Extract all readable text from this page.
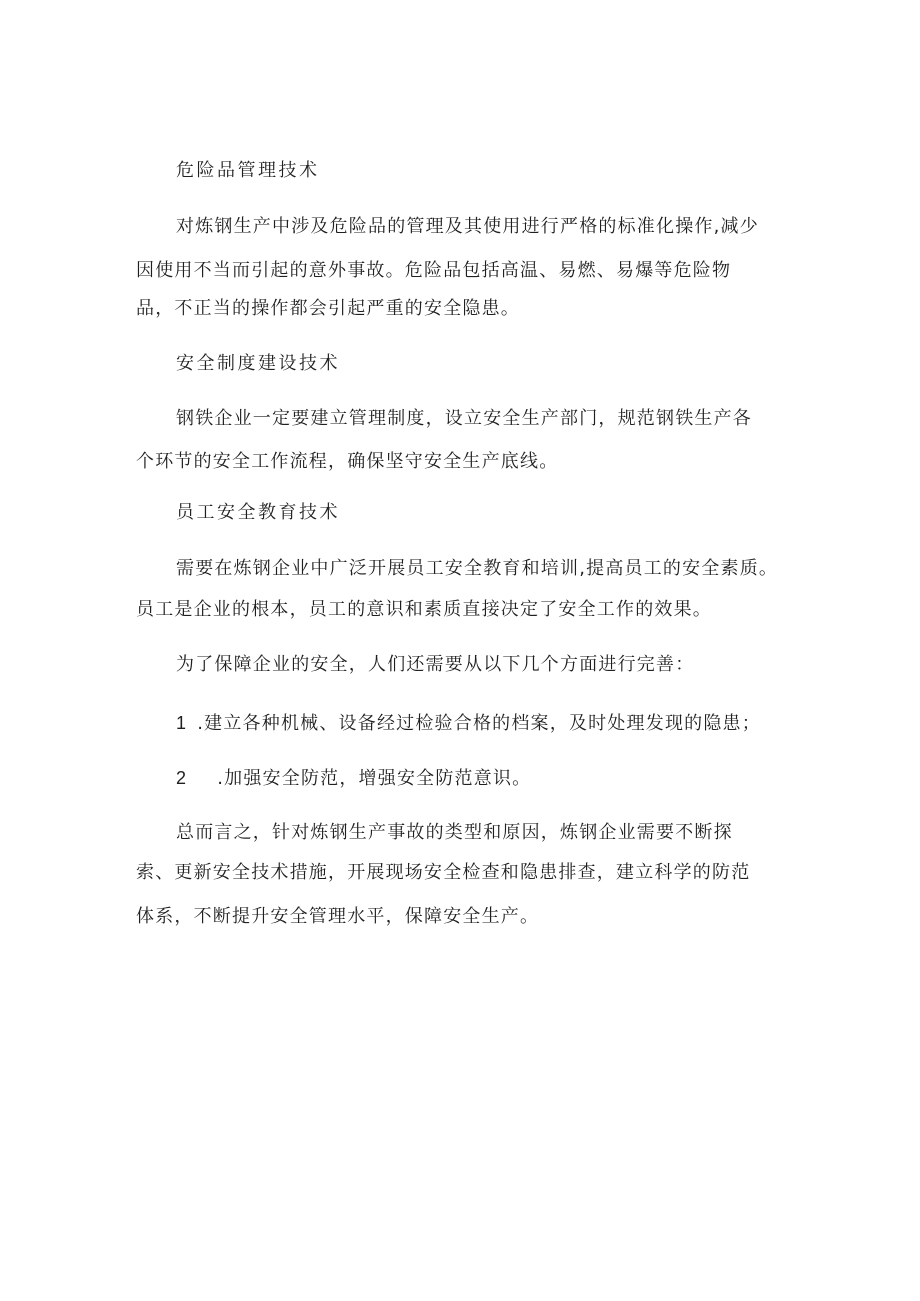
危险品管理技术
对炼钢生产中涉及危险品的管理及其使用进行严格的标准化操作,减少
因使用不当而引起的意外事故。危险品包括高温、易燃、易爆等危险物
品，不正当的操作都会引起严重的安全隐患。
安全制度建设技术
钢铁企业一定要建立管理制度，设立安全生产部门，规范钢铁生产各
个环节的安全工作流程，确保坚守安全生产底线。
员工安全教育技术
需要在炼钢企业中广泛开展员工安全教育和培训,提高员工的安全素质。
员工是企业的根本，员工的意识和素质直接决定了安全工作的效果。
为了保障企业的安全，人们还需要从以下几个方面进行完善：
1 .建立各种机械、设备经过检验合格的档案，及时处理发现的隐患；
2 .加强安全防范，增强安全防范意识。
总而言之，针对炼钢生产事故的类型和原因，炼钢企业需要不断探
索、更新安全技术措施，开展现场安全检查和隐患排查，建立科学的防范
体系，不断提升安全管理水平，保障安全生产。
